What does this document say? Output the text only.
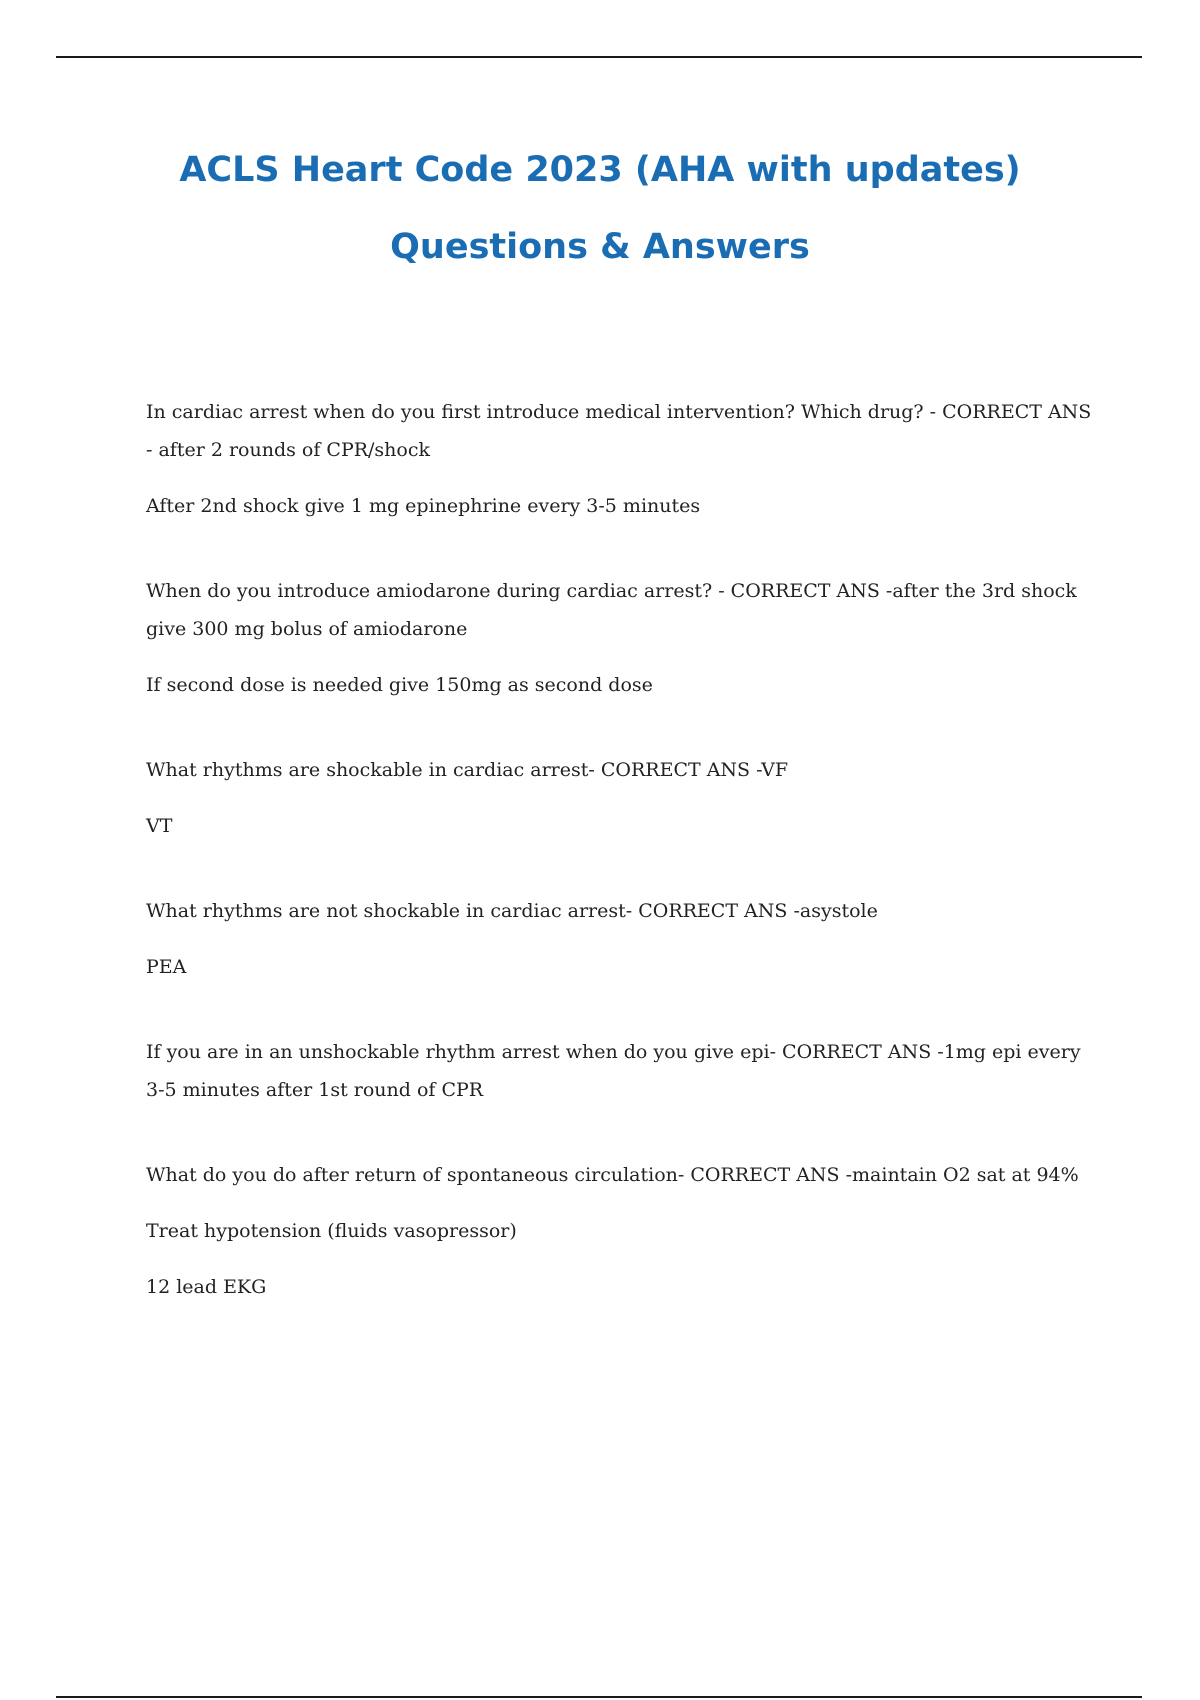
ACLS Heart Code 2023 (AHA with updates)
Questions & Answers

In cardiac arrest when do you first introduce medical intervention? Which drug? - CORRECT ANS - after 2 rounds of CPR/shock

After 2nd shock give 1 mg epinephrine every 3-5 minutes

When do you introduce amiodarone during cardiac arrest? - CORRECT ANS -after the 3rd shock give 300 mg bolus of amiodarone

If second dose is needed give 150mg as second dose

What rhythms are shockable in cardiac arrest- CORRECT ANS -VF

VT

What rhythms are not shockable in cardiac arrest- CORRECT ANS -asystole

PEA

If you are in an unshockable rhythm arrest when do you give epi- CORRECT ANS -1mg epi every 3-5 minutes after 1st round of CPR

What do you do after return of spontaneous circulation- CORRECT ANS -maintain O2 sat at 94%

Treat hypotension (fluids vasopressor)

12 lead EKG
